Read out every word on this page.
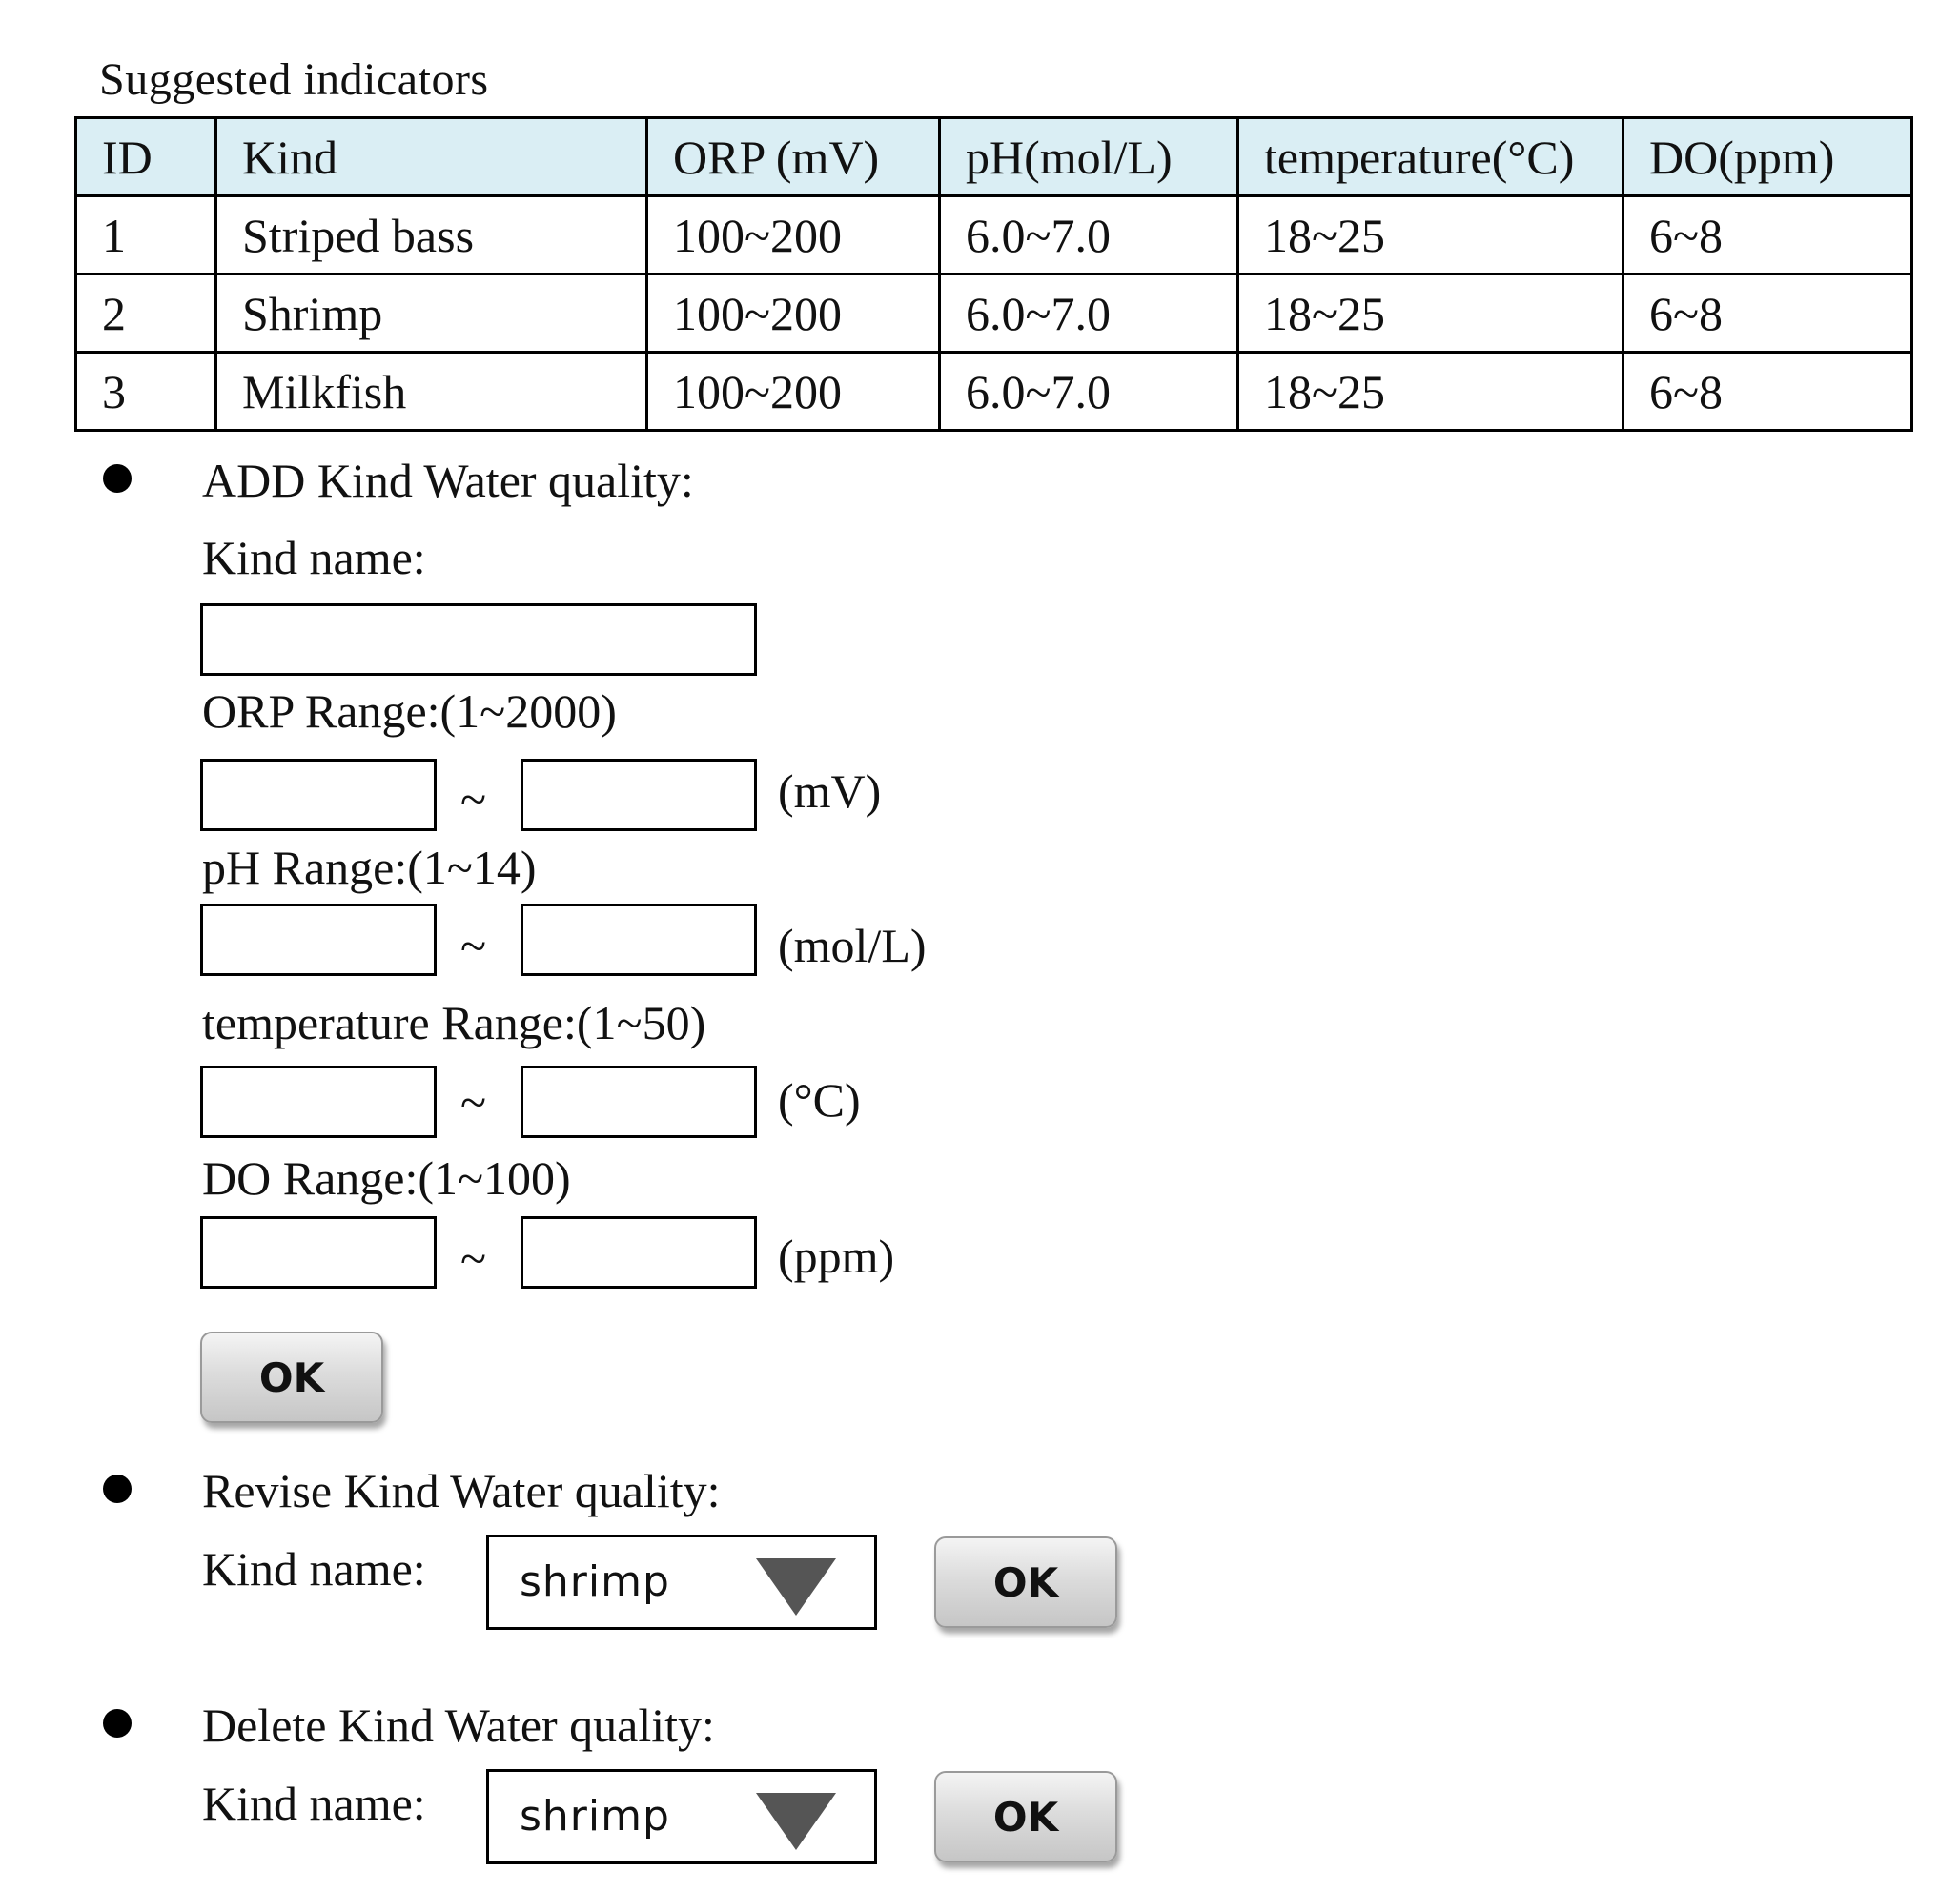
Suggested indicators
ID	Kind	ORP (mV)	pH(mol/L)	temperature(°C)	DO(ppm)
1	Striped bass	100~200	6.0~7.0	18~25	6~8
2	Shrimp	100~200	6.0~7.0	18~25	6~8
3	Milkfish	100~200	6.0~7.0	18~25	6~8
ADD Kind Water quality:
Kind name:
ORP Range:(1~2000)
~	(mV)
pH Range:(1~14)
~	(mol/L)
temperature Range:(1~50)
~	(°C)
DO Range:(1~100)
~	(ppm)
OK
Revise Kind Water quality:
Kind name: shrimp	OK
Delete Kind Water quality:
Kind name: shrimp	OK
